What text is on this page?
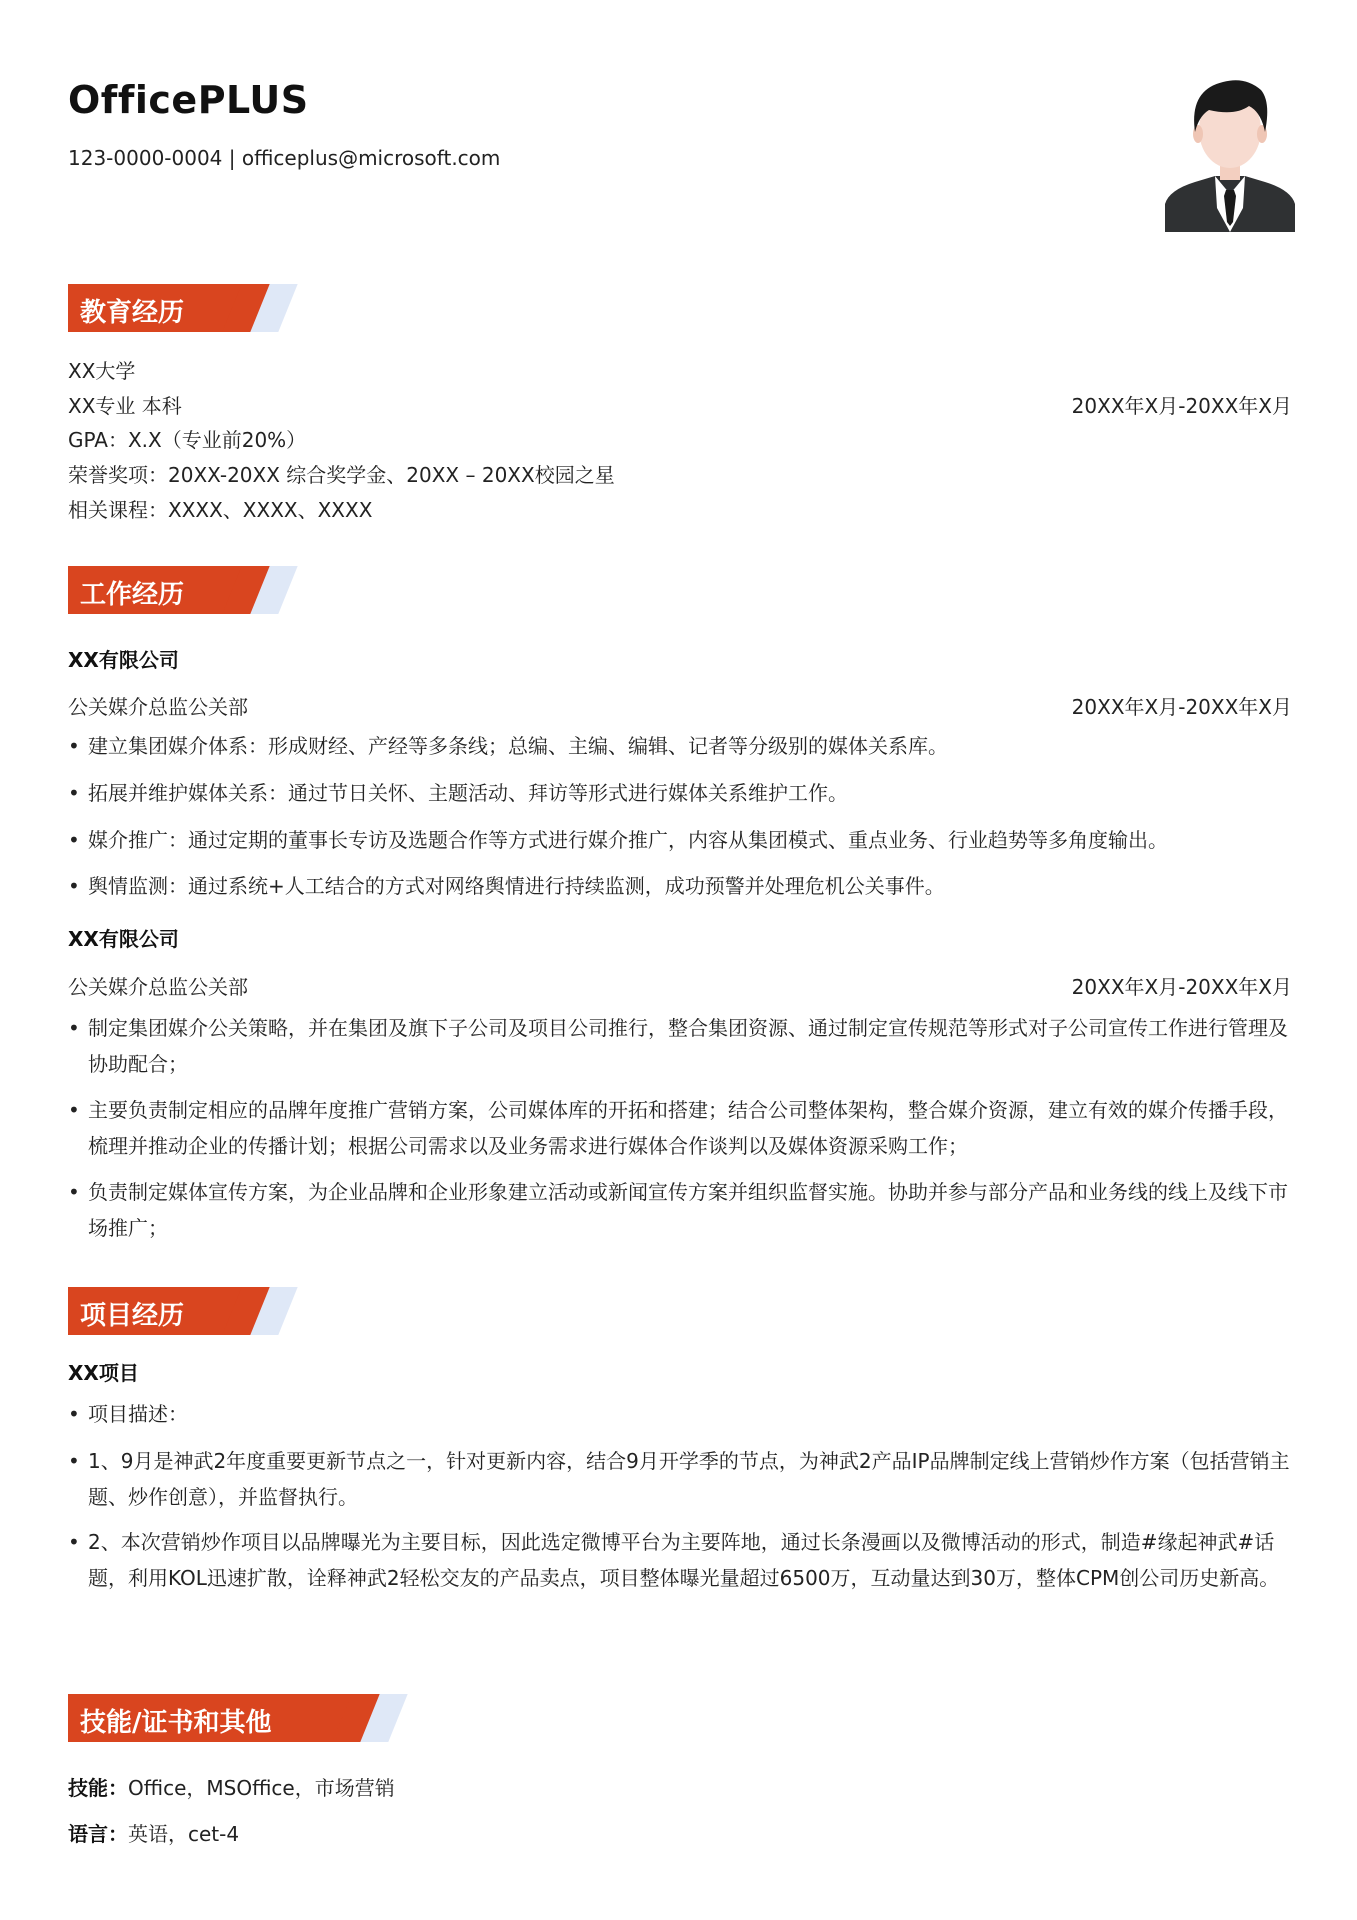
OfficePLUS
123-0000-0004 | officeplus@microsoft.com
教育经历
XX大学
XX专业 本科	20XX年X月-20XX年X月
GPA：X.X（专业前20%）
荣誉奖项：20XX-20XX 综合奖学金、20XX – 20XX校园之星
相关课程：XXXX、XXXX、XXXX
工作经历
XX有限公司
公关媒介总监公关部	20XX年X月-20XX年X月
• 建立集团媒介体系：形成财经、产经等多条线；总编、主编、编辑、记者等分级别的媒体关系库。
• 拓展并维护媒体关系：通过节日关怀、主题活动、拜访等形式进行媒体关系维护工作。
• 媒介推广：通过定期的董事长专访及选题合作等方式进行媒介推广，内容从集团模式、重点业务、行业趋势等多角度输出。
• 舆情监测：通过系统+人工结合的方式对网络舆情进行持续监测，成功预警并处理危机公关事件。
XX有限公司
公关媒介总监公关部	20XX年X月-20XX年X月
• 制定集团媒介公关策略，并在集团及旗下子公司及项目公司推行，整合集团资源、通过制定宣传规范等形式对子公司宣传工作进行管理及协助配合；
• 主要负责制定相应的品牌年度推广营销方案，公司媒体库的开拓和搭建；结合公司整体架构，整合媒介资源，建立有效的媒介传播手段，梳理并推动企业的传播计划；根据公司需求以及业务需求进行媒体合作谈判以及媒体资源采购工作；
• 负责制定媒体宣传方案，为企业品牌和企业形象建立活动或新闻宣传方案并组织监督实施。协助并参与部分产品和业务线的线上及线下市场推广；
项目经历
XX项目
• 项目描述：
• 1、9月是神武2年度重要更新节点之一，针对更新内容，结合9月开学季的节点，为神武2产品IP品牌制定线上营销炒作方案（包括营销主题、炒作创意），并监督执行。
• 2、本次营销炒作项目以品牌曝光为主要目标，因此选定微博平台为主要阵地，通过长条漫画以及微博活动的形式，制造#缘起神武#话题，利用KOL迅速扩散，诠释神武2轻松交友的产品卖点，项目整体曝光量超过6500万，互动量达到30万，整体CPM创公司历史新高。
技能/证书和其他
技能：Office，MSOffice，市场营销
语言：英语，cet-4
